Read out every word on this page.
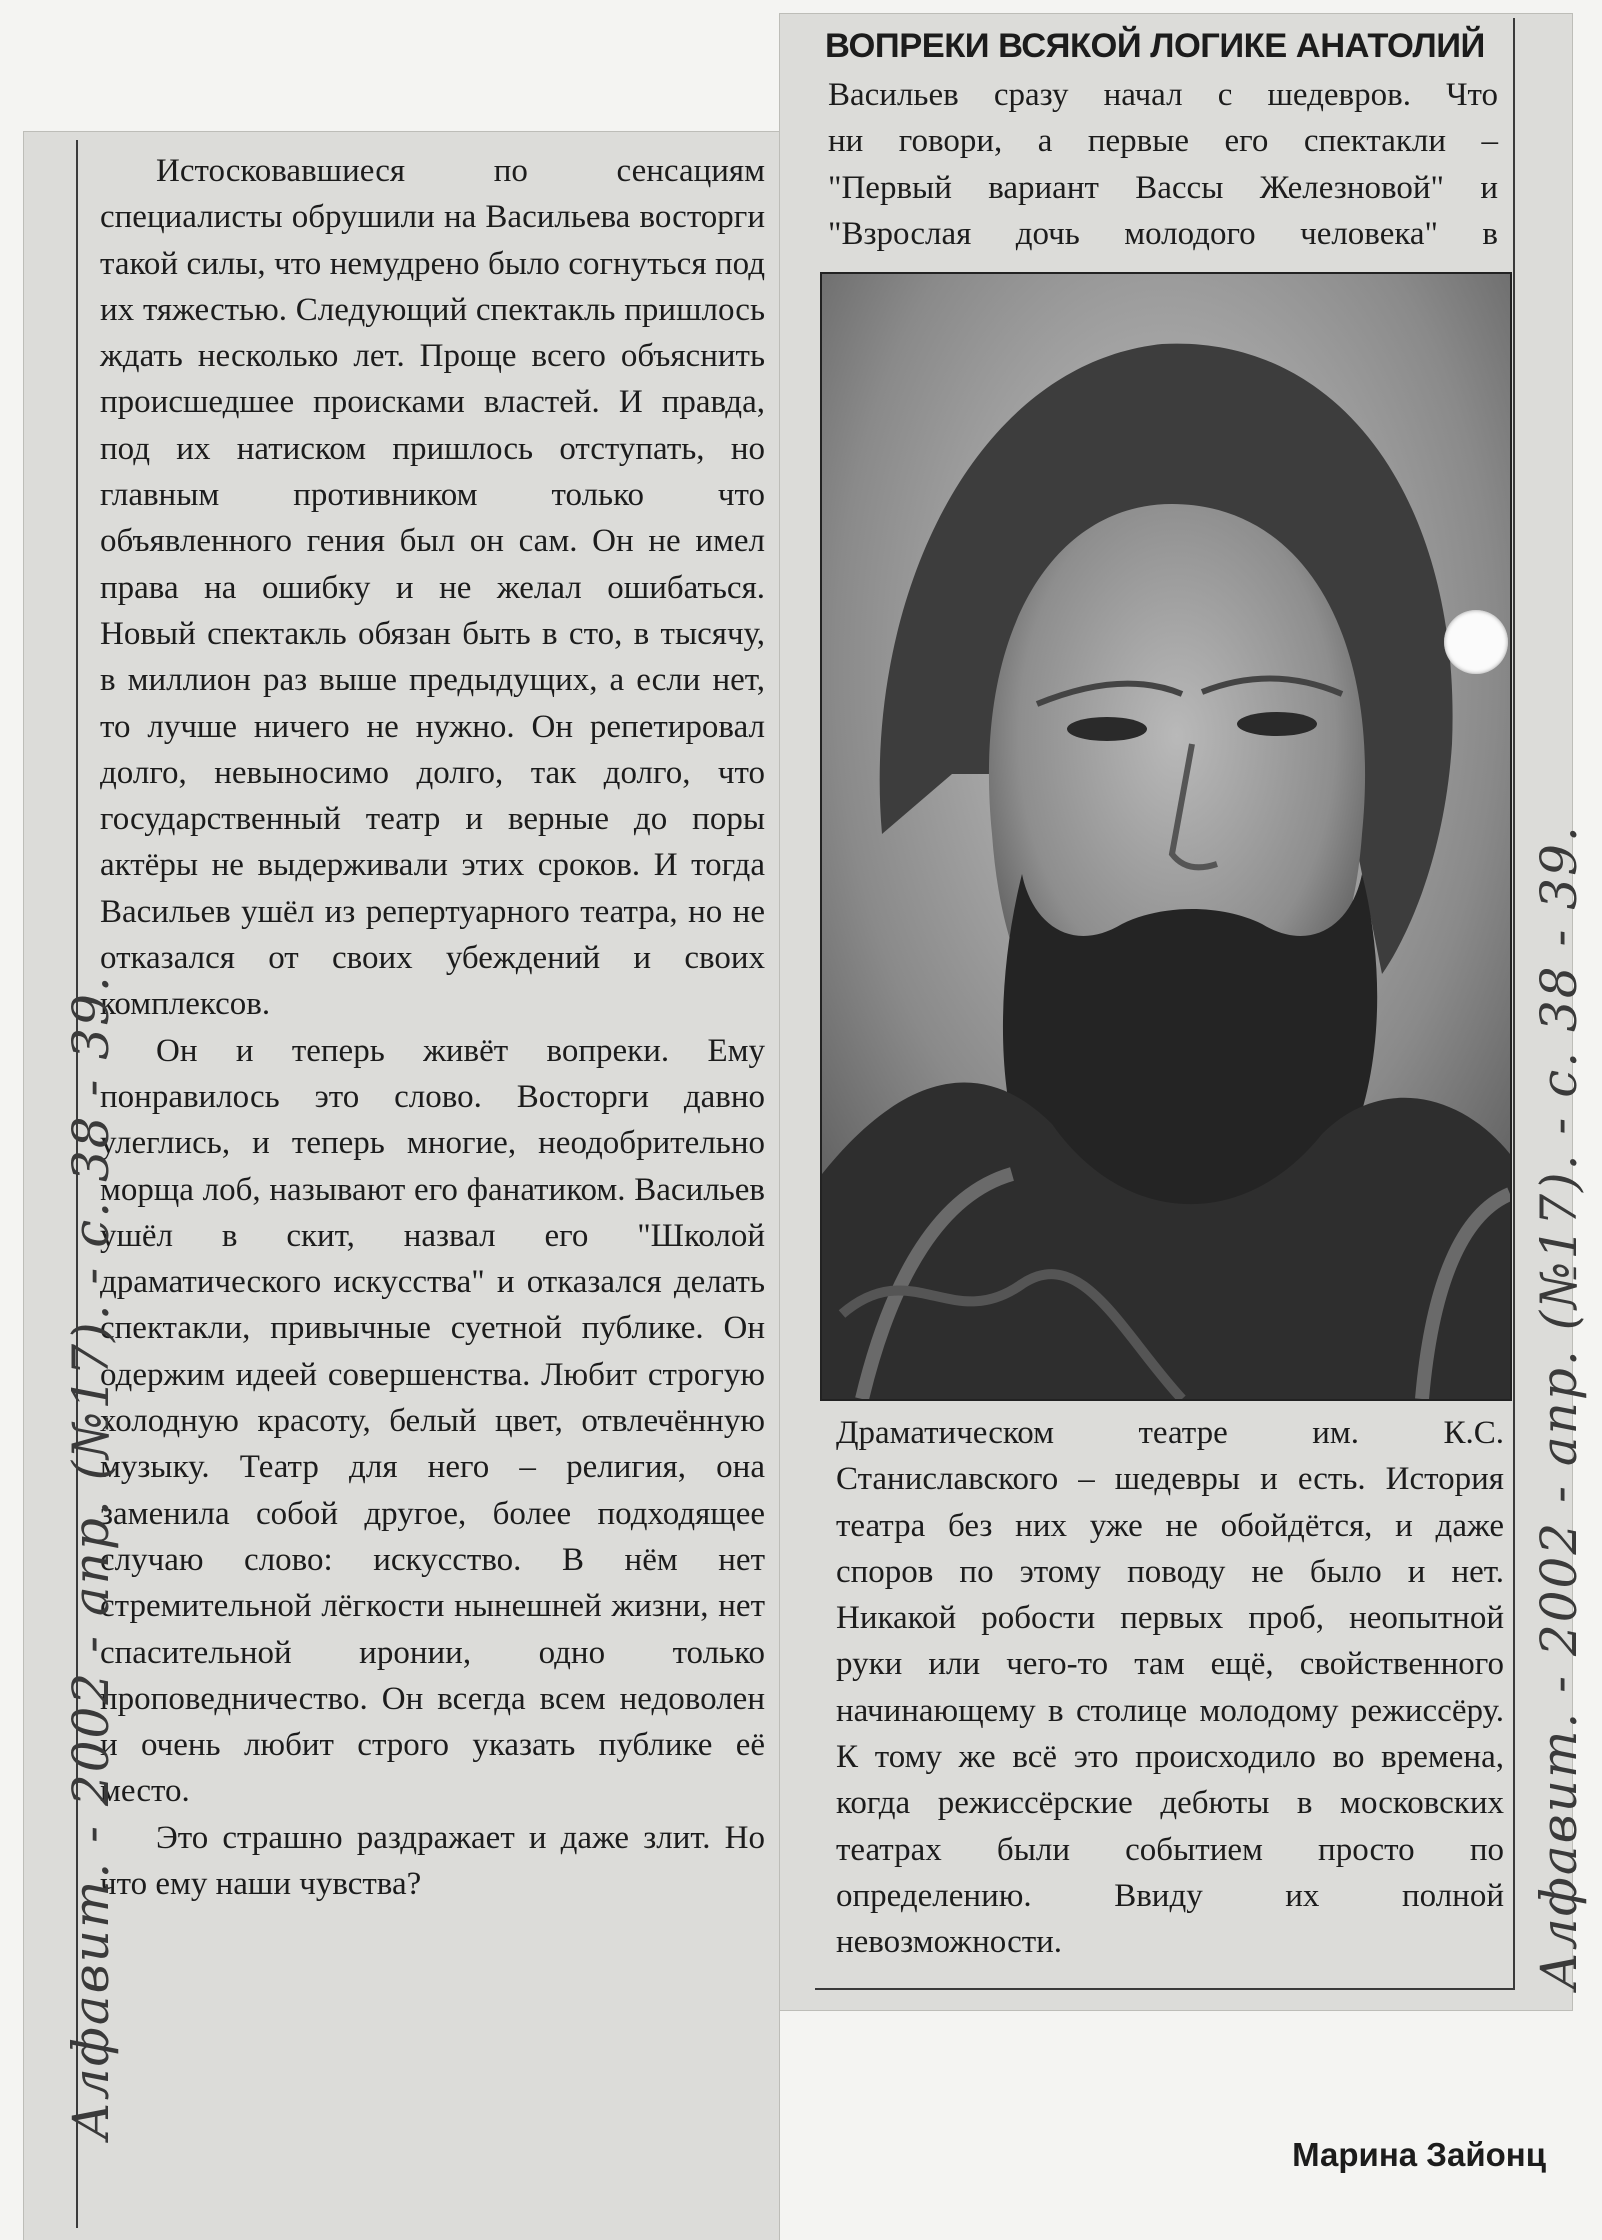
Истосковавшиеся по сенсациям специалисты обрушили на Васильева восторги такой силы, что немудрено было согнуться под их тяжестью. Следующий спектакль пришлось ждать несколько лет. Проще всего объяснить происшедшее происками властей. И правда, под их натиском пришлось отступать, но главным противником только что объявленного гения был он сам. Он не имел права на ошибку и не желал ошибаться. Новый спектакль обязан быть в сто, в тысячу, в миллион раз выше предыдущих, а если нет, то лучше ничего не нужно. Он репетировал долго, невыносимо долго, так долго, что государственный театр и верные до поры актёры не выдерживали этих сроков. И тогда Васильев ушёл из репертуарного театра, но не отказался от своих убеждений и своих комплексов.

Он и теперь живёт вопреки. Ему понравилось это слово. Восторги давно улеглись, и теперь многие, неодобрительно морща лоб, называют его фанатиком. Васильев ушёл в скит, назвал его "Школой драматического искусства" и отказался делать спектакли, привычные суетной публике. Он одержим идеей совершенства. Любит строгую холодную красоту, белый цвет, отвлечённую музыку. Театр для него – религия, она заменила собой другое, более подходящее случаю слово: искусство. В нём нет стремительной лёгкости нынешней жизни, нет спасительной иронии, одно только проповедничество. Он всегда всем недоволен и очень любит строго указать публике её место.

Это страшно раздражает и даже злит. Но что ему наши чувства?

Марина Зайонц
ВОПРЕКИ ВСЯКОЙ ЛОГИКЕ АНАТОЛИЙ

Васильев сразу начал с шедевров. Что

ни говори, а первые его спектакли –

"Первый вариант Вассы Железновой" и

"Взрослая дочь молодого человека" в

Драматическом театре им. К.С. Станиславского – шедевры и есть. История театра без них уже не обойдётся, и даже споров по этому поводу не было и нет. Никакой робости первых проб, неопытной руки или чего-то там ещё, свойственного начинающему в столице молодому режиссёру. К тому же всё это происходило во времена, когда режиссёрские дебюты в московских театрах были событием просто по определению. Ввиду их полной невозможности.

Алфавит. - 2002 - апр. (№17). - с. 38 - 39.	Алфавит. - 2002 - апр. (№17). - с. 38 - 39.
